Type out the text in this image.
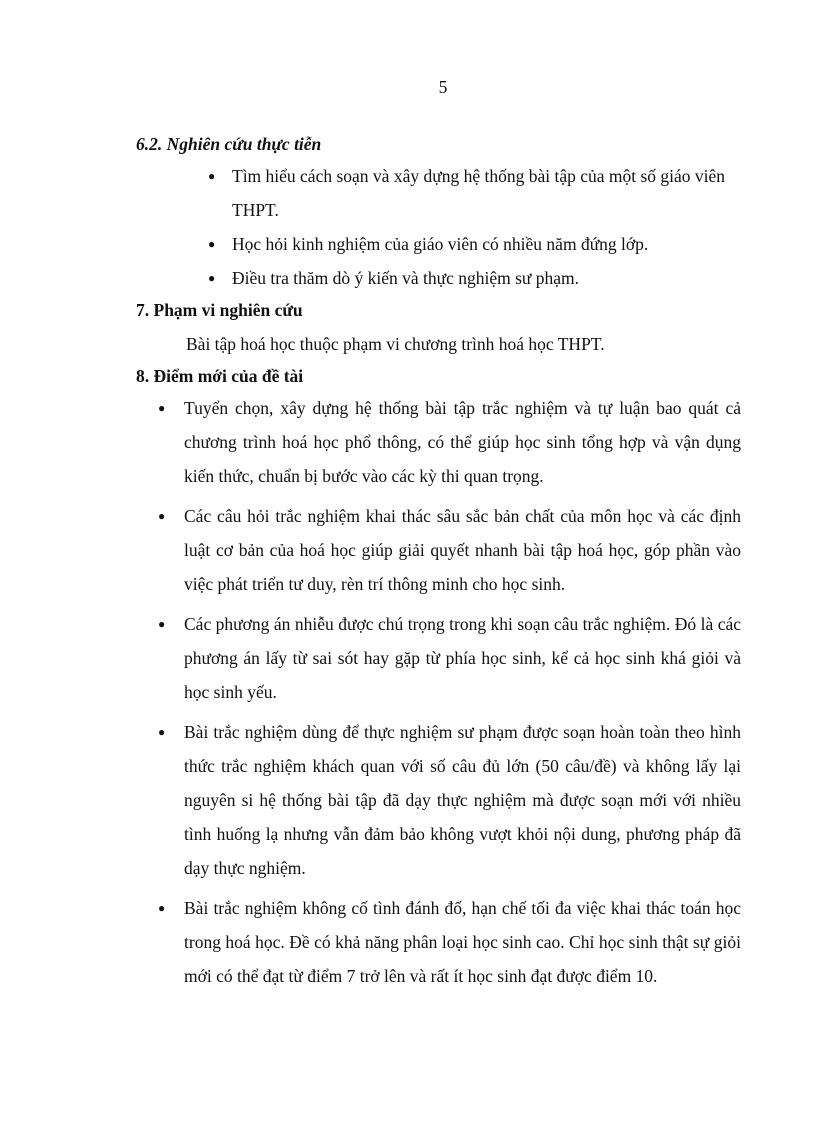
5

6.2. Nghiên cứu thực tiễn

● Tìm hiểu cách soạn và xây dựng hệ thống bài tập của một số giáo viên THPT.
● Học hỏi kinh nghiệm của giáo viên có nhiều năm đứng lớp.
● Điều tra thăm dò ý kiến và thực nghiệm sư phạm.

7. Phạm vi nghiên cứu

Bài tập hoá học thuộc phạm vi chương trình hoá học THPT.

8. Điểm mới của đề tài

● Tuyển chọn, xây dựng hệ thống bài tập trắc nghiệm và tự luận bao quát cả chương trình hoá học phổ thông, có thể giúp học sinh tổng hợp và vận dụng kiến thức, chuẩn bị bước vào các kỳ thi quan trọng.
● Các câu hỏi trắc nghiệm khai thác sâu sắc bản chất của môn học và các định luật cơ bản của hoá học giúp giải quyết nhanh bài tập hoá học, góp phần vào việc phát triển tư duy, rèn trí thông minh cho học sinh.
● Các phương án nhiễu được chú trọng trong khi soạn câu trắc nghiệm. Đó là các phương án lấy từ sai sót hay gặp từ phía học sinh, kể cả học sinh khá giỏi và học sinh yếu.
● Bài trắc nghiệm dùng để thực nghiệm sư phạm được soạn hoàn toàn theo hình thức trắc nghiệm khách quan với số câu đủ lớn (50 câu/đề) và không lấy lại nguyên si hệ thống bài tập đã dạy thực nghiệm mà được soạn mới với nhiều tình huống lạ nhưng vẫn đảm bảo không vượt khỏi nội dung, phương pháp đã dạy thực nghiệm.
● Bài trắc nghiệm không cố tình đánh đố, hạn chế tối đa việc khai thác toán học trong hoá học. Đề có khả năng phân loại học sinh cao. Chỉ học sinh thật sự giỏi mới có thể đạt từ điểm 7 trở lên và rất ít học sinh đạt được điểm 10.
